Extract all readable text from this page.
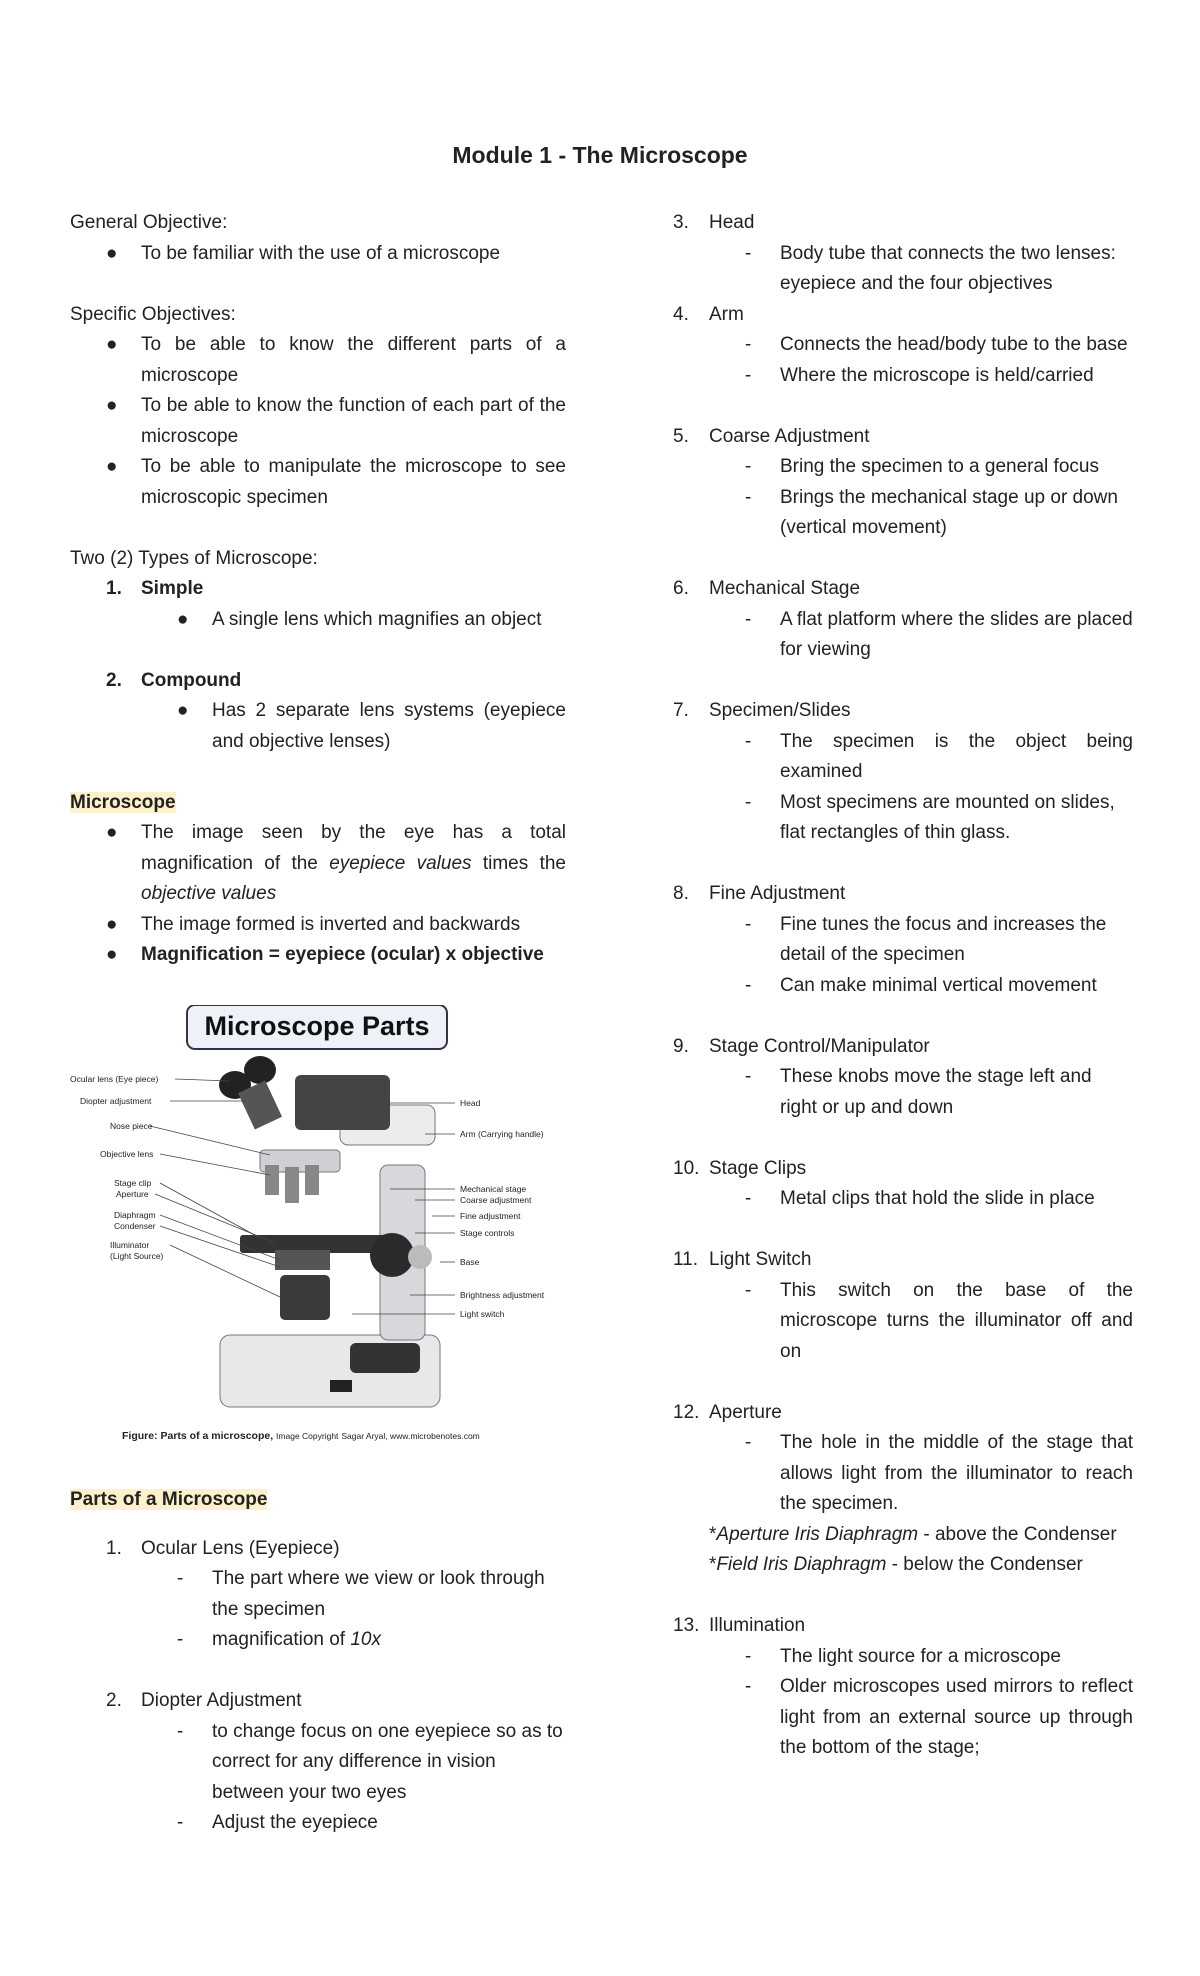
Module 1 - The Microscope
General Objective:
● To be familiar with the use of a microscope
Specific Objectives:
● To be able to know the different parts of a microscope
● To be able to know the function of each part of the microscope
● To be able to manipulate the microscope to see microscopic specimen
Two (2) Types of Microscope:
1. Simple
● A single lens which magnifies an object
2. Compound
● Has 2 separate lens systems (eyepiece and objective lenses)
Microscope
● The image seen by the eye has a total magnification of the eyepiece values times the objective values
● The image formed is inverted and backwards
● Magnification = eyepiece (ocular) x objective
Microscope Parts
Ocular lens (Eye piece)
Diopter adjustment
Nose piece
Objective lens
Stage clip
Aperture
Diaphragm
Condenser
Illuminator
(Light Source)
Head
Arm (Carrying handle)
Mechanical stage
Coarse adjustment
Fine adjustment
Stage controls
Base
Brightness adjustment
Light switch
Figure: Parts of a microscope, Image Copyright Sagar Aryal, www.microbenotes.com
Parts of a Microscope
1. Ocular Lens (Eyepiece)
- The part where we view or look through the specimen
- magnification of 10x
2. Diopter Adjustment
- to change focus on one eyepiece so as to correct for any difference in vision between your two eyes
- Adjust the eyepiece
3. Head
- Body tube that connects the two lenses: eyepiece and the four objectives
4. Arm
- Connects the head/body tube to the base
- Where the microscope is held/carried
5. Coarse Adjustment
- Bring the specimen to a general focus
- Brings the mechanical stage up or down (vertical movement)
6. Mechanical Stage
- A flat platform where the slides are placed for viewing
7. Specimen/Slides
- The specimen is the object being examined
- Most specimens are mounted on slides, flat rectangles of thin glass.
8. Fine Adjustment
- Fine tunes the focus and increases the detail of the specimen
- Can make minimal vertical movement
9. Stage Control/Manipulator
- These knobs move the stage left and right or up and down
10. Stage Clips
- Metal clips that hold the slide in place
11. Light Switch
- This switch on the base of the microscope turns the illuminator off and on
12. Aperture
- The hole in the middle of the stage that allows light from the illuminator to reach the specimen.
*Aperture Iris Diaphragm - above the Condenser
*Field Iris Diaphragm - below the Condenser
13. Illumination
- The light source for a microscope
- Older microscopes used mirrors to reflect light from an external source up through the bottom of the stage;
